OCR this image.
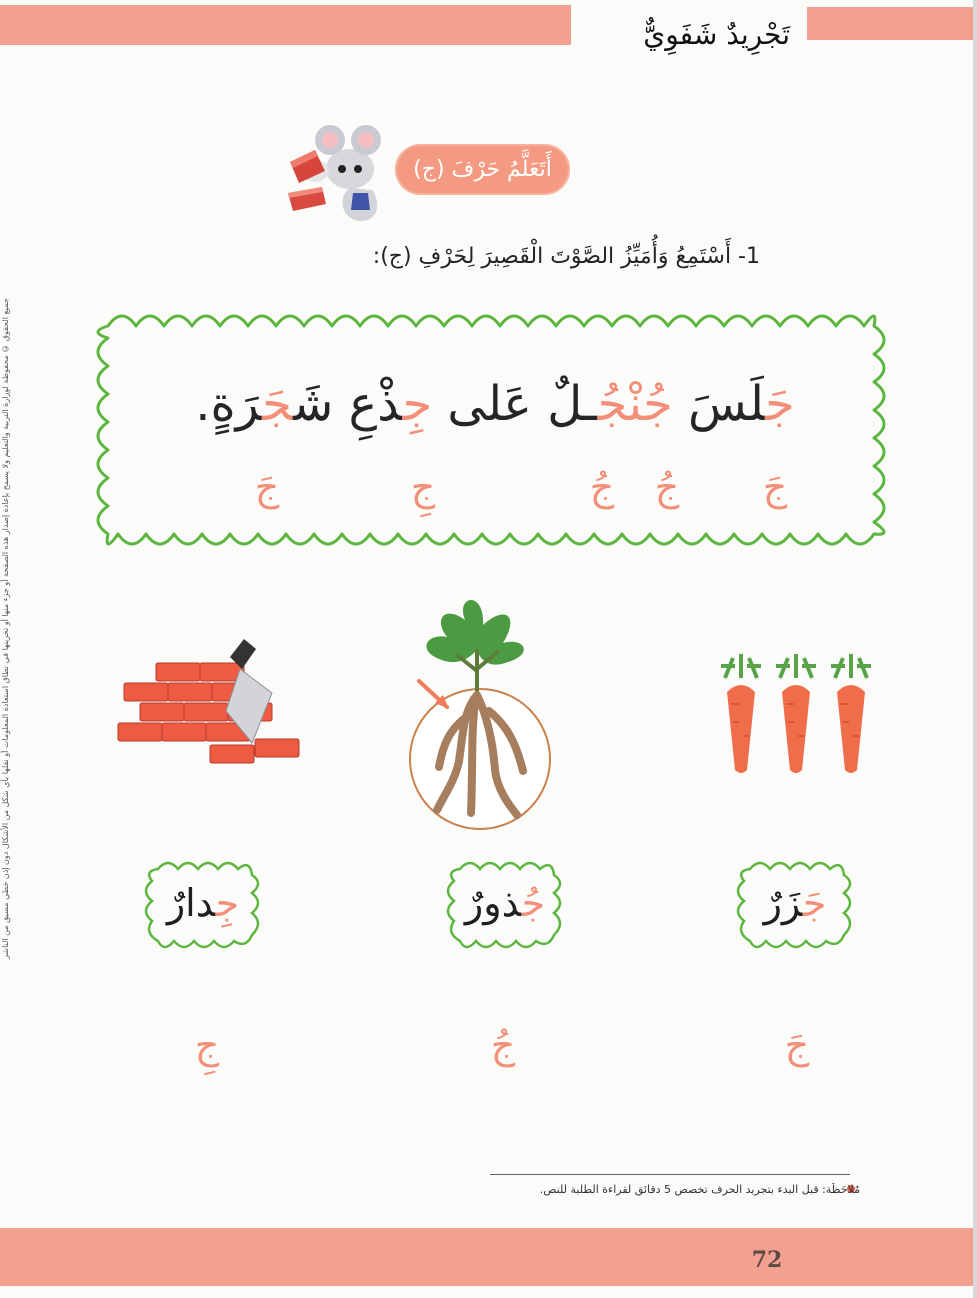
تَجْرِيدٌ شَفَوِيٌّ
جميع الحقوق © محفوظة لوزارة التربية والتعليم ولا يسمح بإعادة إصدار هذه الصفحة أو جزء منها أو تخزينها في نطاق استعادة المعلومات أو نقلها بأي شكل من الأشكال دون إذن خطي مسبق من الناشر
أَتَعَلَّمُ حَرْفَ (ج)
1- أَسْتَمِعُ وَأُمَيِّزُ الصَّوْتَ الْقَصِيرَ لِحَرْفِ (ج):
جَلَسَ جُنْجُـلٌ عَلى جِذْعِ شَجَرَةٍ.
جَ
جُ
جُ
جِ
جَ
جَزَرٌ
جُذورٌ
جِدارٌ
جَ
جُ
جِ
مُلاحَظَة: قبل البدء بتجريد الحرف تخصص 5 دقائق لقراءة الطلبة للنص.
72
